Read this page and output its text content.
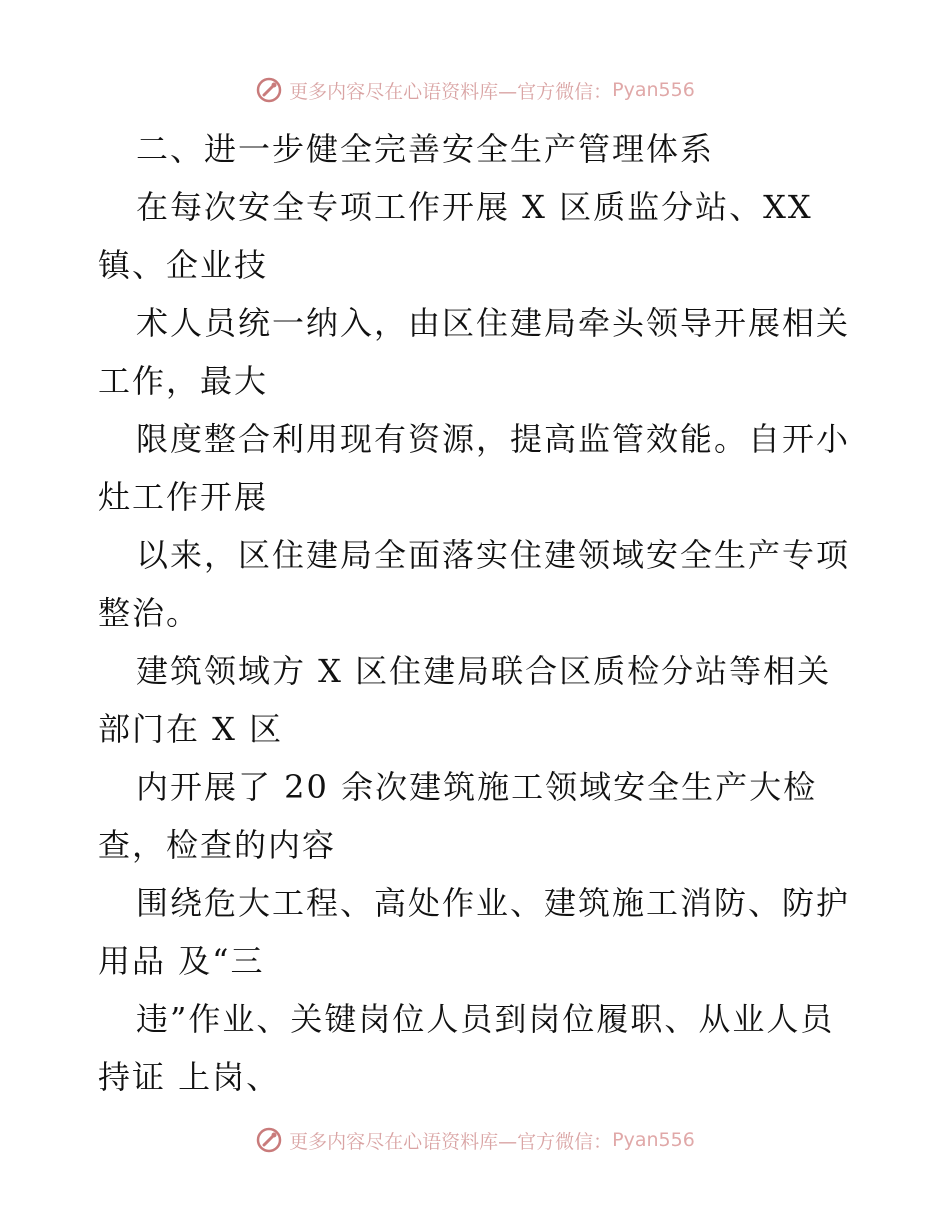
更多内容尽在心语资料库—官方微信： Pyan556
二、进一步健全完善安全生产管理体系
在每次安全专项工作开展 X 区质监分站、XX
镇、企业技
术人员统一纳入，由区住建局牵头领导开展相关
工作，最大
限度整合利用现有资源，提高监管效能。自开小
灶工作开展
以来，区住建局全面落实住建领域安全生产专项
整治。
建筑领域方 X 区住建局联合区质检分站等相关
部门在 X 区
内开展了 20 余次建筑施工领域安全生产大检
查，检查的内容
围绕危大工程、高处作业、建筑施工消防、防护
用品 及“三
违”作业、关键岗位人员到岗位履职、从业人员
持证 上岗、
更多内容尽在心语资料库—官方微信： Pyan556
